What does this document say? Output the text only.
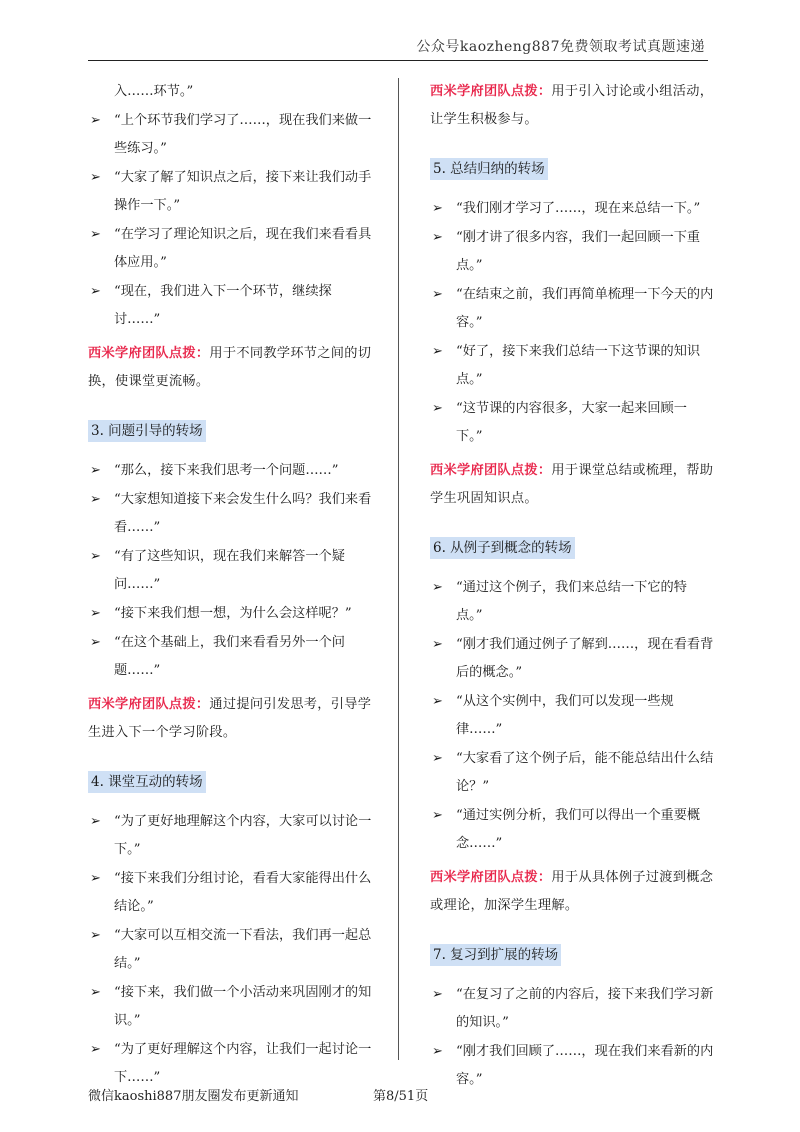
公众号kaozheng887免费领取考试真题速递
入……环节。”
➢ “上个环节我们学习了……，现在我们来做一
些练习。”
➢ “大家了解了知识点之后，接下来让我们动手
操作一下。”
➢ “在学习了理论知识之后，现在我们来看看具
体应用。”
➢ “现在，我们进入下一个环节，继续探
讨……”
西米学府团队点拨：用于不同教学环节之间的切换，使课堂更流畅。
3. 问题引导的转场
➢ “那么，接下来我们思考一个问题……”
➢ “大家想知道接下来会发生什么吗？我们来看
看……”
➢ “有了这些知识，现在我们来解答一个疑
问……”
➢ “接下来我们想一想，为什么会这样呢？”
➢ “在这个基础上，我们来看看另外一个问
题……”
西米学府团队点拨：通过提问引发思考，引导学生进入下一个学习阶段。
4. 课堂互动的转场
➢ “为了更好地理解这个内容，大家可以讨论一
下。”
➢ “接下来我们分组讨论，看看大家能得出什么
结论。”
➢ “大家可以互相交流一下看法，我们再一起总
结。”
➢ “接下来，我们做一个小活动来巩固刚才的知
识。”
➢ “为了更好理解这个内容，让我们一起讨论一
下……”
西米学府团队点拨：用于引入讨论或小组活动，让学生积极参与。
5. 总结归纳的转场
➢ “我们刚才学习了……，现在来总结一下。”
➢ “刚才讲了很多内容，我们一起回顾一下重
点。”
➢ “在结束之前，我们再简单梳理一下今天的内
容。”
➢ “好了，接下来我们总结一下这节课的知识
点。”
➢ “这节课的内容很多，大家一起来回顾一
下。”
西米学府团队点拨：用于课堂总结或梳理，帮助学生巩固知识点。
6. 从例子到概念的转场
➢ “通过这个例子，我们来总结一下它的特
点。”
➢ “刚才我们通过例子了解到……，现在看看背
后的概念。”
➢ “从这个实例中，我们可以发现一些规
律……”
➢ “大家看了这个例子后，能不能总结出什么结
论？”
➢ “通过实例分析，我们可以得出一个重要概
念……”
西米学府团队点拨：用于从具体例子过渡到概念或理论，加深学生理解。
7. 复习到扩展的转场
➢ “在复习了之前的内容后，接下来我们学习新
的知识。”
➢ “刚才我们回顾了……，现在我们来看新的内
容。”
微信kaoshi887朋友圈发布更新通知	第8/51页
